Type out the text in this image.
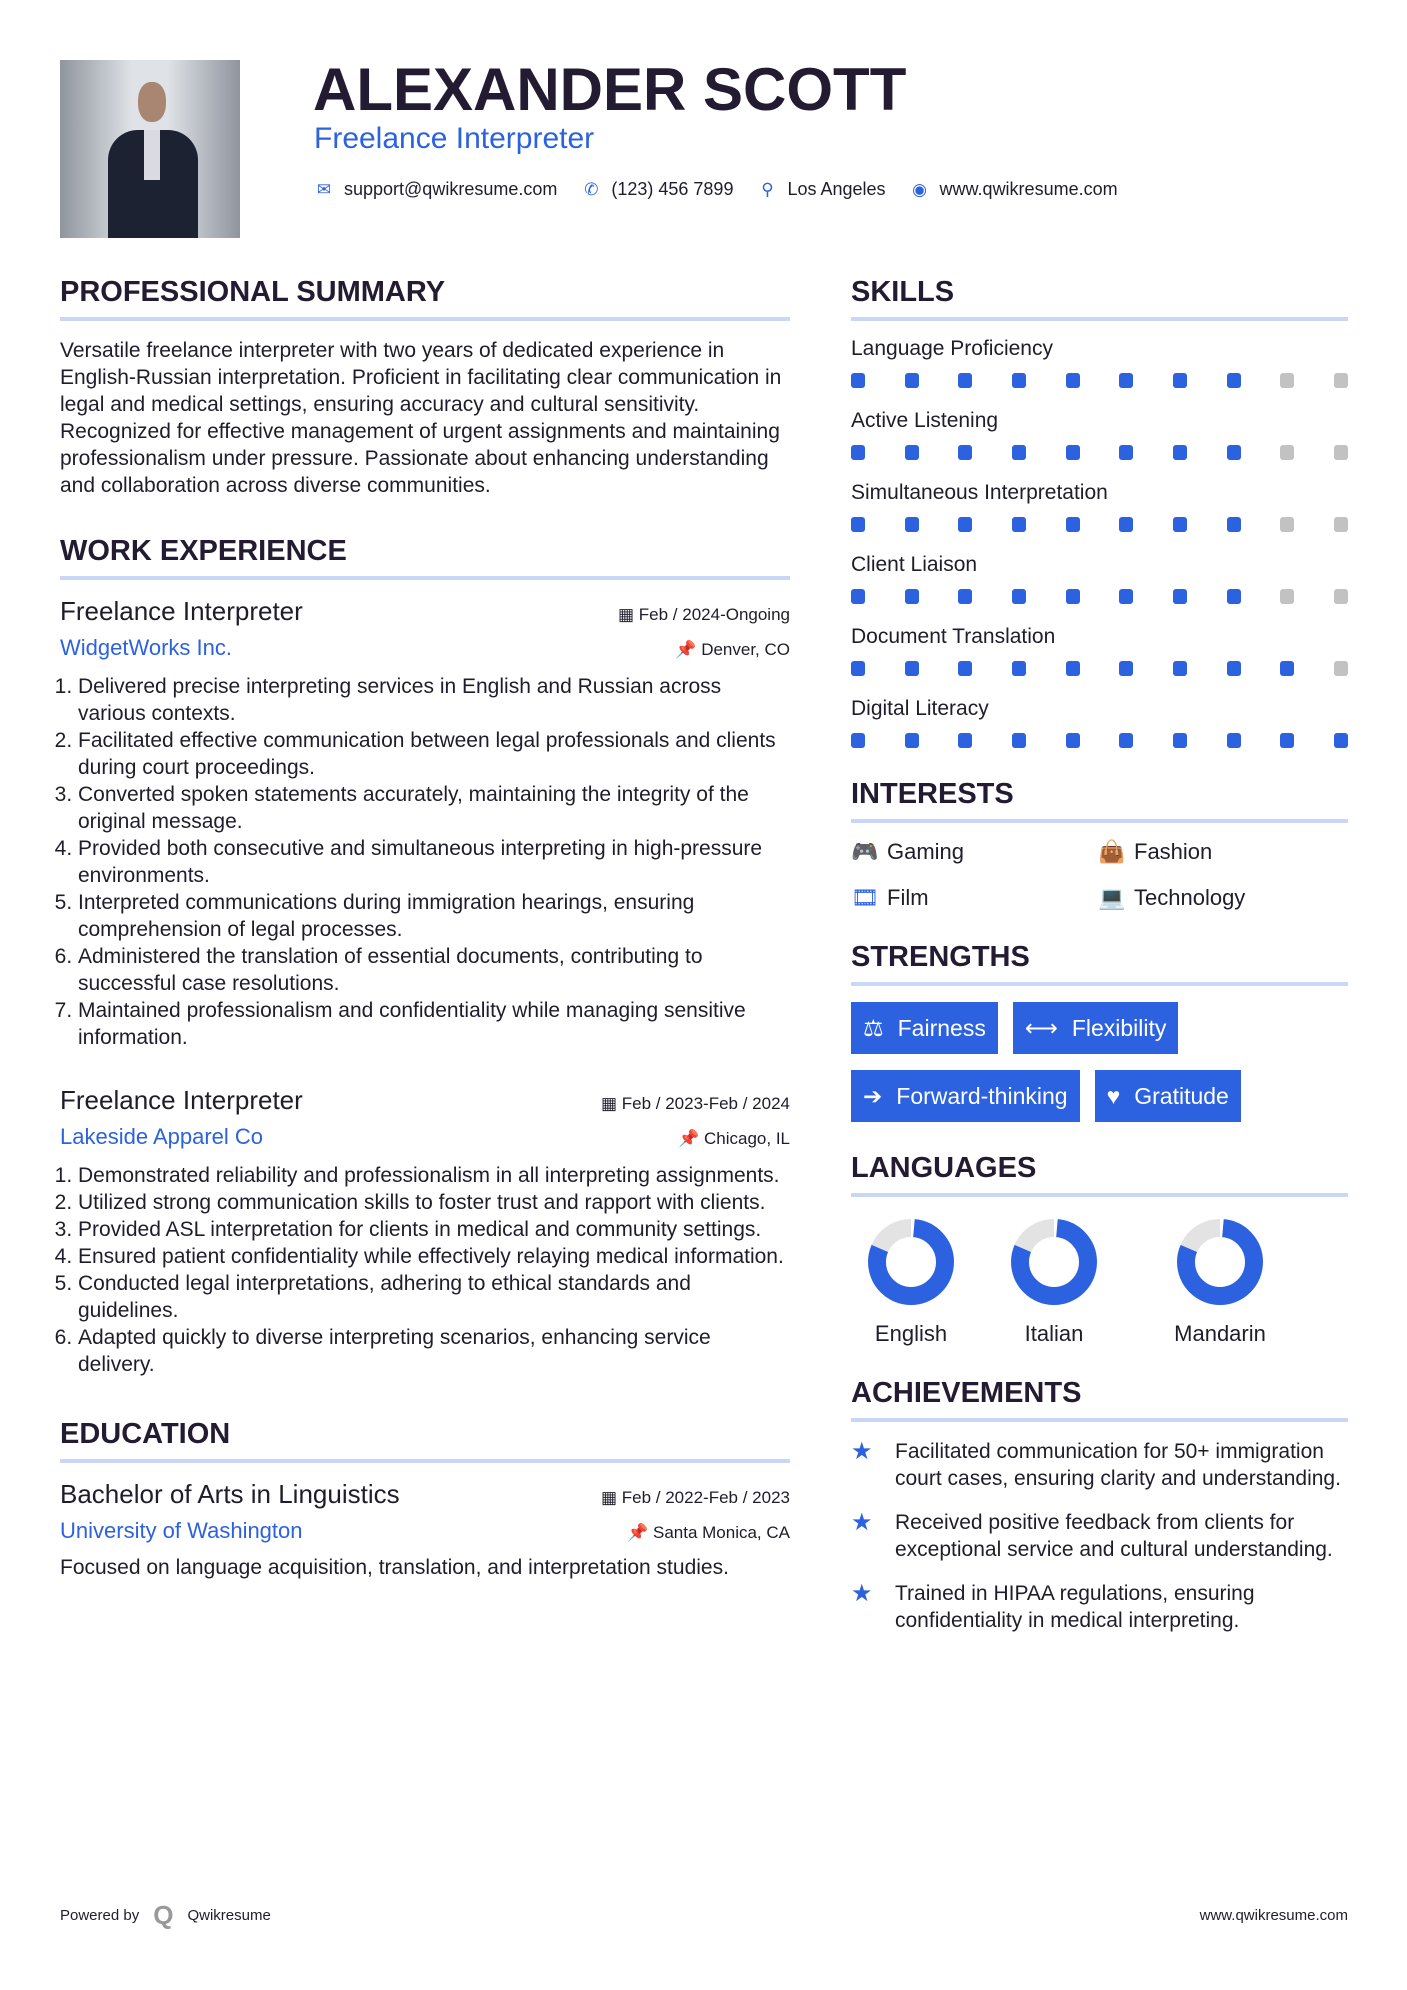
ALEXANDER SCOTT
Freelance Interpreter
✉ support@qwikresume.com ✆ (123) 456 7899 ⚲ Los Angeles ◉ www.qwikresume.com
PROFESSIONAL SUMMARY

Versatile freelance interpreter with two years of dedicated experience in English-Russian interpretation. Proficient in facilitating clear communication in legal and medical settings, ensuring accuracy and cultural sensitivity. Recognized for effective management of urgent assignments and maintaining professionalism under pressure. Passionate about enhancing understanding and collaboration across diverse communities.

WORK EXPERIENCE
Freelance Interpreter	▦ Feb / 2024-Ongoing
WidgetWorks Inc.	📌 Denver, CO
1. Delivered precise interpreting services in English and Russian across various contexts.
2. Facilitated effective communication between legal professionals and clients during court proceedings.
3. Converted spoken statements accurately, maintaining the integrity of the original message.
4. Provided both consecutive and simultaneous interpreting in high-pressure environments.
5. Interpreted communications during immigration hearings, ensuring comprehension of legal processes.
6. Administered the translation of essential documents, contributing to successful case resolutions.
7. Maintained professionalism and confidentiality while managing sensitive information.
Freelance Interpreter	▦ Feb / 2023-Feb / 2024
Lakeside Apparel Co	📌 Chicago, IL
1. Demonstrated reliability and professionalism in all interpreting assignments.
2. Utilized strong communication skills to foster trust and rapport with clients.
3. Provided ASL interpretation for clients in medical and community settings.
4. Ensured patient confidentiality while effectively relaying medical information.
5. Conducted legal interpretations, adhering to ethical standards and guidelines.
6. Adapted quickly to diverse interpreting scenarios, enhancing service delivery.
EDUCATION
Bachelor of Arts in Linguistics	▦ Feb / 2022-Feb / 2023
University of Washington	📌 Santa Monica, CA

Focused on language acquisition, translation, and interpretation studies.

SKILLS
Language Proficiency
Active Listening
Simultaneous Interpretation
Client Liaison
Document Translation
Digital Literacy
INTERESTS
🎮 Gaming	👜 Fashion
🎞 Film	💻 Technology
STRENGTHS
⚖ Fairness ⟷ Flexibility
➔ Forward-thinking ♥ Gratitude
LANGUAGES
English	Italian	Mandarin
ACHIEVEMENTS
★	Facilitated communication for 50+ immigration court cases, ensuring clarity and understanding.
★	Received positive feedback from clients for exceptional service and cultural understanding.
★	Trained in HIPAA regulations, ensuring confidentiality in medical interpreting.
Powered by Q Qwikresume	www.qwikresume.com
